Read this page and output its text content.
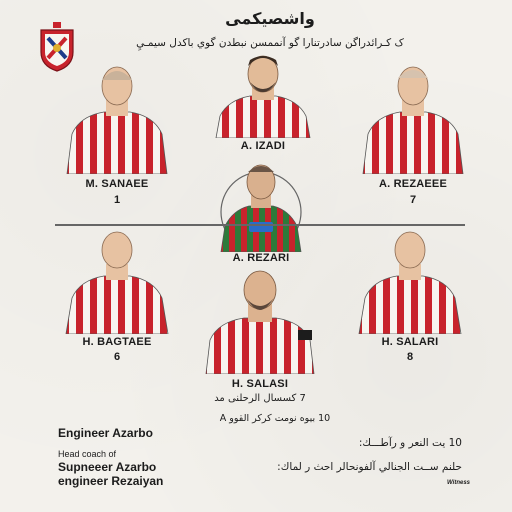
واشصيكمى
ک کـرائدراگن سادرتنارا گو آنممسن نبطدن گوي باکدل سيمـيِ
M. SANAEE
1
A. IZADI
A. REZAEEE
7
A. REZARI
H. BAGTAEE
6
H. SALASI
7 كسسال الرحلنى مد
10 بيوه نومت کرکر القوو A
H. SALARI
8
Engineer Azarbo
Head coach of
Supneeer Azarbo
engineer Rezaiyan
10 يت النعر و رآطـــك:
حلنم ســت الجنالي آلفونحالر احث ر لماك:
Witness
